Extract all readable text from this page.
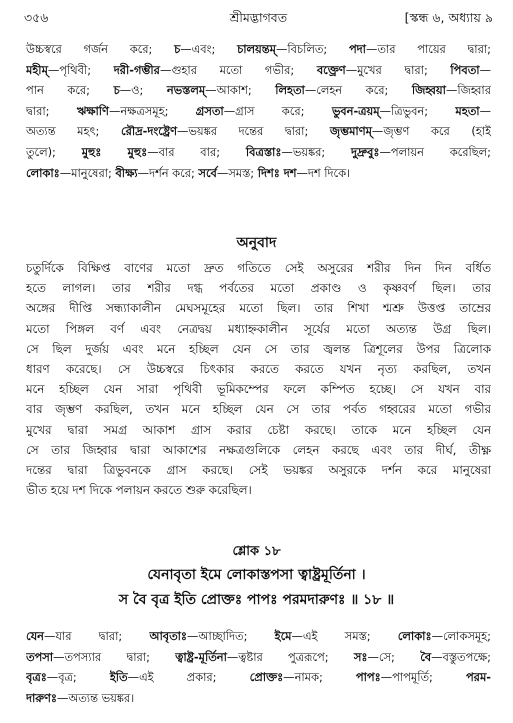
৩৫৬	শ্রীমদ্ভাগবত	[স্কন্ধ ৬, অধ্যায় ৯
উচ্চস্বরে গর্জন করে; চ—এবং; চালয়ন্তম্—বিচলিত; পদা—তার পায়ের দ্বারা;
মহীম্—পৃথিবী; দরী-গম্ভীর—গুহার মতো গভীর; বক্ত্রেণ—মুখের দ্বারা; পিবতা—
পান করে; চ—ও; নভস্তলম্—আকাশ; লিহতা—লেহন করে; জিহ্বয়া—জিহ্বার
দ্বারা; ঋক্ষাণি—নক্ষত্রসমূহ; গ্রসতা—গ্রাস করে; ভুবন-ত্রয়ম্—ত্রিভুবন; মহতা—
অত্যন্ত মহৎ; রৌদ্র-দংষ্ট্রেণ—ভয়ঙ্কর দন্তের দ্বারা; জৃম্ভমাণম্—জৃম্ভণ করে (হাই
তুলে); মুহুঃ মুহুঃ—বার বার; বিত্রস্তাঃ—ভয়ঙ্কর; দুদ্রুবুঃ—পলায়ন করেছিল;
লোকাঃ—মানুষেরা; বীক্ষ্য—দর্শন করে; সর্বে—সমস্ত; দিশঃ দশ—দশ দিকে।
অনুবাদ
চতুর্দিকে বিক্ষিপ্ত বাণের মতো দ্রুত গতিতে সেই অসুরের শরীর দিন দিন বর্ধিত
হতে লাগল। তার শরীর দগ্ধ পর্বতের মতো প্রকাণ্ড ও কৃষ্ণবর্ণ ছিল। তার
অঙ্গের দীপ্তি সন্ধ্যাকালীন মেঘসমূহের মতো ছিল। তার শিখা শ্মশ্রু উত্তপ্ত তাম্রের
মতো পিঙ্গল বর্ণ এবং নেত্রদ্বয় মধ্যাহ্নকালীন সূর্যের মতো অত্যন্ত উগ্র ছিল।
সে ছিল দুর্জয় এবং মনে হচ্ছিল যেন সে তার জ্বলন্ত ত্রিশূলের উপর ত্রিলোক
ধারণ করেছে। সে উচ্চস্বরে চিৎকার করতে করতে যখন নৃত্য করছিল, তখন
মনে হচ্ছিল যেন সারা পৃথিবী ভূমিকম্পের ফলে কম্পিত হচ্ছে। সে যখন বার
বার জৃম্ভণ করছিল, তখন মনে হচ্ছিল যেন সে তার পর্বত গহ্বরের মতো গভীর
মুখের দ্বারা সমগ্র আকাশ গ্রাস করার চেষ্টা করছে। তাকে মনে হচ্ছিল যেন
সে তার জিহ্বার দ্বারা আকাশের নক্ষত্রগুলিকে লেহন করছে এবং তার দীর্ঘ, তীক্ষ্ণ
দন্তের দ্বারা ত্রিভুবনকে গ্রাস করছে। সেই ভয়ঙ্কর অসুরকে দর্শন করে মানুষেরা
ভীত হয়ে দশ দিকে পলায়ন করতে শুরু করেছিল।
শ্লোক ১৮
যেনাবৃতা ইমে লোকাস্তপসা ত্বাষ্ট্রমূর্তিনা ।
স বৈ বৃত্র ইতি প্রোক্তঃ পাপঃ পরমদারুণঃ ॥ ১৮ ॥
যেন—যার দ্বারা; আবৃতাঃ—আচ্ছাদিত; ইমে—এই সমস্ত; লোকাঃ—লোকসমূহ;
তপসা—তপস্যার দ্বারা; ত্বাষ্ট্র-মূর্তিনা—ত্বষ্টার পুত্ররূপে; সঃ—সে; বৈ—বস্তুতপক্ষে;
বৃত্রঃ—বৃত্র; ইতি—এই প্রকার; প্রোক্তঃ—নামক; পাপঃ—পাপমূর্তি; পরম-
দারুণঃ—অত্যন্ত ভয়ঙ্কর।
